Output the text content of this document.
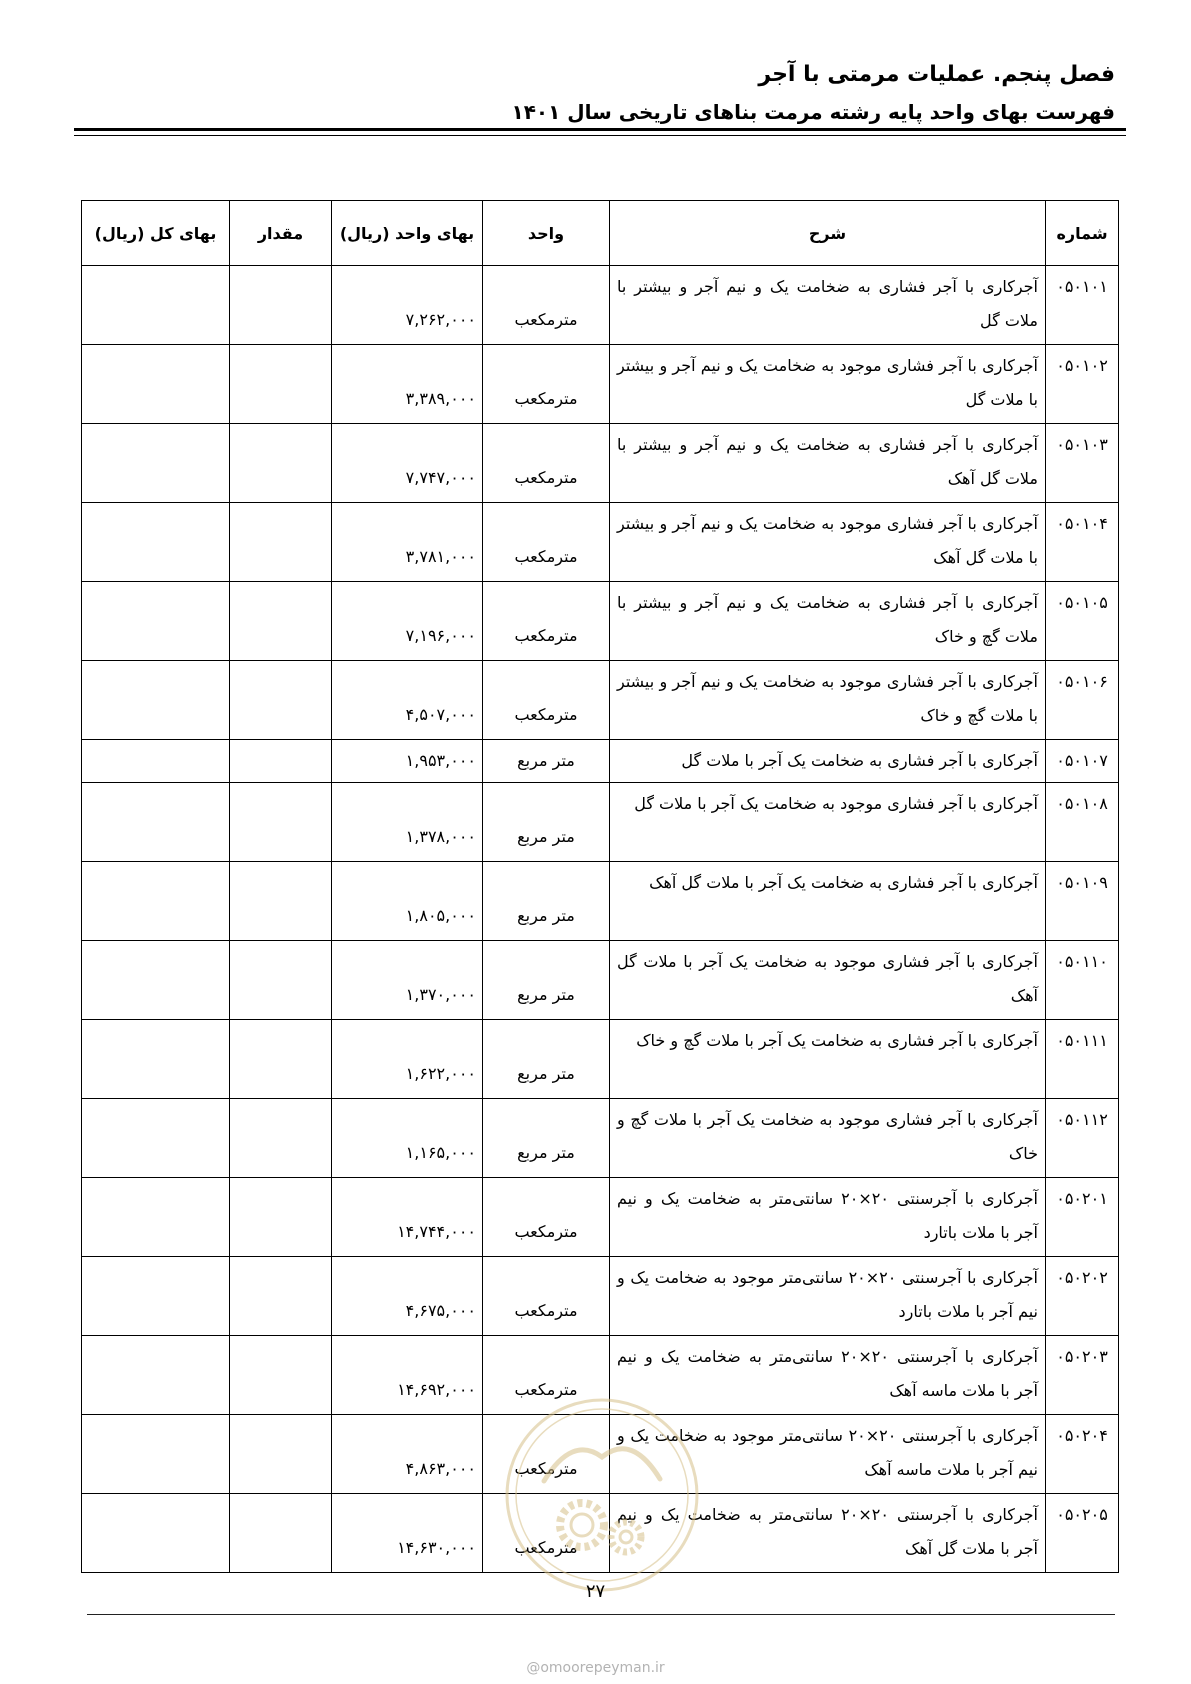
فصل پنجم. عملیات مرمتی با آجر
فهرست بهای واحد پایه رشته مرمت بناهای تاریخی سال ۱۴۰۱
شماره	شرح	واحد	بهای واحد (ریال)	مقدار	بهای کل (ریال)
۰۵۰۱۰۱	آجرکاری با آجر فشاری به ضخامت یک و نیم آجر و بیشتر با ملات گل	مترمکعب	۷,۲۶۲,۰۰۰		
۰۵۰۱۰۲	آجرکاری با آجر فشاری موجود به ضخامت یک و نیم آجر و بیشتر با ملات گل	مترمکعب	۳,۳۸۹,۰۰۰		
۰۵۰۱۰۳	آجرکاری با آجر فشاری به ضخامت یک و نیم آجر و بیشتر با ملات گل آهک	مترمکعب	۷,۷۴۷,۰۰۰		
۰۵۰۱۰۴	آجرکاری با آجر فشاری موجود به ضخامت یک و نیم آجر و بیشتر با ملات گل آهک	مترمکعب	۳,۷۸۱,۰۰۰		
۰۵۰۱۰۵	آجرکاری با آجر فشاری به ضخامت یک و نیم آجر و بیشتر با ملات گچ و خاک	مترمکعب	۷,۱۹۶,۰۰۰		
۰۵۰۱۰۶	آجرکاری با آجر فشاری موجود به ضخامت یک و نیم آجر و بیشتر با ملات گچ و خاک	مترمکعب	۴,۵۰۷,۰۰۰		
۰۵۰۱۰۷	آجرکاری با آجر فشاری به ضخامت یک آجر با ملات گل	متر مربع	۱,۹۵۳,۰۰۰		
۰۵۰۱۰۸	آجرکاری با آجر فشاری موجود به ضخامت یک آجر با ملات گل	متر مربع	۱,۳۷۸,۰۰۰		
۰۵۰۱۰۹	آجرکاری با آجر فشاری به ضخامت یک آجر با ملات گل آهک	متر مربع	۱,۸۰۵,۰۰۰		
۰۵۰۱۱۰	آجرکاری با آجر فشاری موجود به ضخامت یک آجر با ملات گل آهک	متر مربع	۱,۳۷۰,۰۰۰		
۰۵۰۱۱۱	آجرکاری با آجر فشاری به ضخامت یک آجر با ملات گچ و خاک	متر مربع	۱,۶۲۲,۰۰۰		
۰۵۰۱۱۲	آجرکاری با آجر فشاری موجود به ضخامت یک آجر با ملات گچ و خاک	متر مربع	۱,۱۶۵,۰۰۰		
۰۵۰۲۰۱	آجرکاری با آجرسنتی ۲۰×۲۰ سانتی‌متر به ضخامت یک و نیم آجر با ملات باتارد	مترمکعب	۱۴,۷۴۴,۰۰۰		
۰۵۰۲۰۲	آجرکاری با آجرسنتی ۲۰×۲۰ سانتی‌متر موجود به ضخامت یک و نیم آجر با ملات باتارد	مترمکعب	۴,۶۷۵,۰۰۰		
۰۵۰۲۰۳	آجرکاری با آجرسنتی ۲۰×۲۰ سانتی‌متر به ضخامت یک و نیم آجر با ملات ماسه آهک	مترمکعب	۱۴,۶۹۲,۰۰۰		
۰۵۰۲۰۴	آجرکاری با آجرسنتی ۲۰×۲۰ سانتی‌متر موجود به ضخامت یک و نیم آجر با ملات ماسه آهک	مترمکعب	۴,۸۶۳,۰۰۰		
۰۵۰۲۰۵	آجرکاری با آجرسنتی ۲۰×۲۰ سانتی‌متر به ضخامت یک و نیم آجر با ملات گل آهک	مترمکعب	۱۴,۶۳۰,۰۰۰		
۲۷
@omoorepeyman.ir
